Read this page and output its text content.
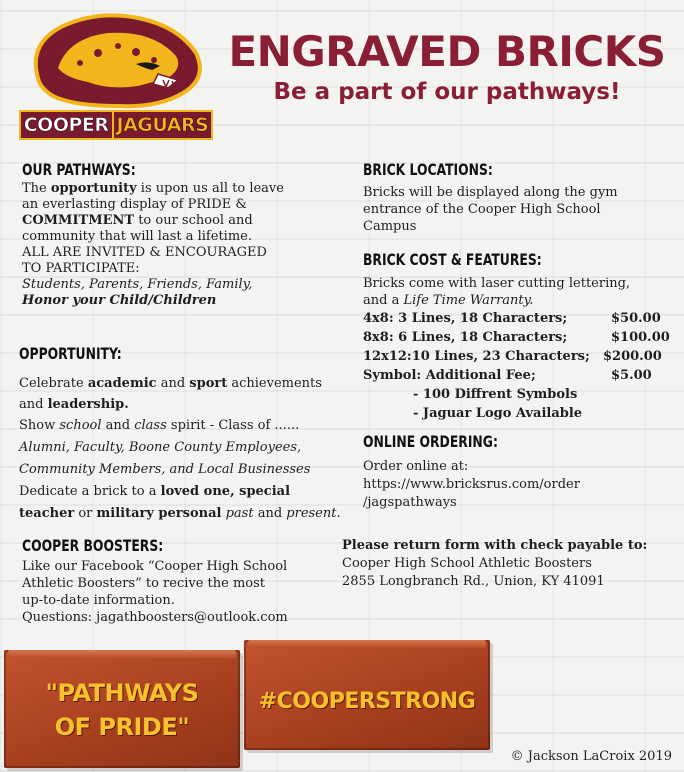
COOPER JAGUARS
ENGRAVED BRICKS
Be a part of our pathways!
OUR PATHWAYS:
The opportunity is upon us all to leave
an everlasting display of PRIDE &
COMMITMENT to our school and
community that will last a lifetime.
ALL ARE INVITED & ENCOURAGED
TO PARTICIPATE:
Students, Parents, Friends, Family,
Honor your Child/Children
OPPORTUNITY:
Celebrate academic and sport achievements
and leadership.
Show school and class spirit - Class of ......
Alumni, Faculty, Boone County Employees,
Community Members, and Local Businesses
Dedicate a brick to a loved one, special
teacher or military personal past and present.
COOPER BOOSTERS:
Like our Facebook “Cooper High School
Athletic Boosters” to recive the most
up-to-date information.
Questions: jagathboosters@outlook.com
BRICK LOCATIONS:
Bricks will be displayed along the gym
entrance of the Cooper High School
Campus
BRICK COST & FEATURES:
Bricks come with laser cutting lettering,
and a Life Time Warranty.
4x8: 3 Lines, 18 Characters;	$50.00
8x8: 6 Lines, 18 Characters;	$100.00
12x12:10 Lines, 23 Characters; $200.00
Symbol: Additional Fee;	$5.00
- 100 Diffrent Symbols
- Jaguar Logo Available
ONLINE ORDERING:
Order online at:
https://www.bricksrus.com/order
/jagspathways
Please return form with check payable to:
Cooper High School Athletic Boosters
2855 Longbranch Rd., Union, KY 41091
"PATHWAYS
OF PRIDE"
#COOPERSTRONG
© Jackson LaCroix 2019
